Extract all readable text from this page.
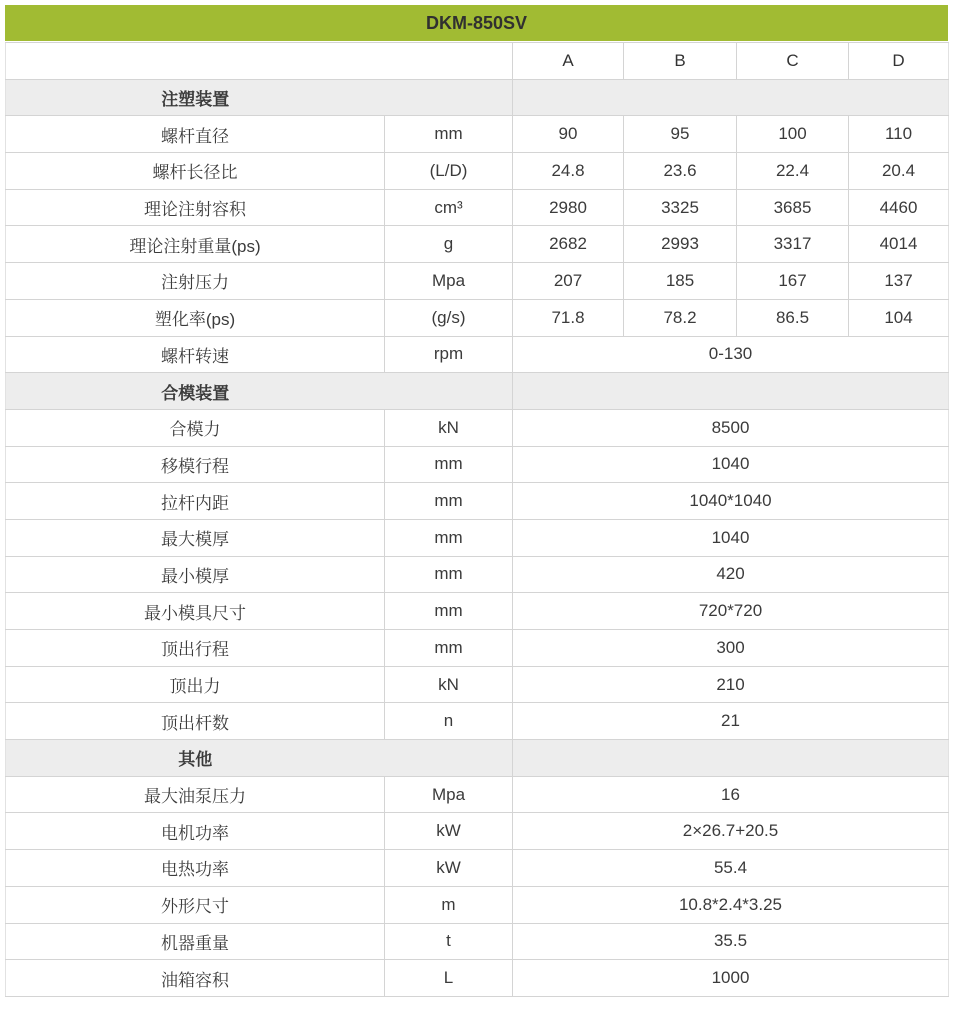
DKM-850SV
		A	B	C	D
注塑装置					
螺杆直径	mm	90	95	100	110
螺杆长径比	(L/D)	24.8	23.6	22.4	20.4
理论注射容积	cm³	2980	3325	3685	4460
理论注射重量(ps)	g	2682	2993	3317	4014
注射压力	Mpa	207	185	167	137
塑化率(ps)	(g/s)	71.8	78.2	86.5	104
螺杆转速	rpm	0-130			
合模装置					
合模力	kN	8500			
移模行程	mm	1040			
拉杆内距	mm	1040*1040			
最大模厚	mm	1040			
最小模厚	mm	420			
最小模具尺寸	mm	720*720			
顶出行程	mm	300			
顶出力	kN	210			
顶出杆数	n	21			
其他					
最大油泵压力	Mpa	16			
电机功率	kW	2×26.7+20.5			
电热功率	kW	55.4			
外形尺寸	m	10.8*2.4*3.25			
机器重量	t	35.5			
油箱容积	L	1000			
